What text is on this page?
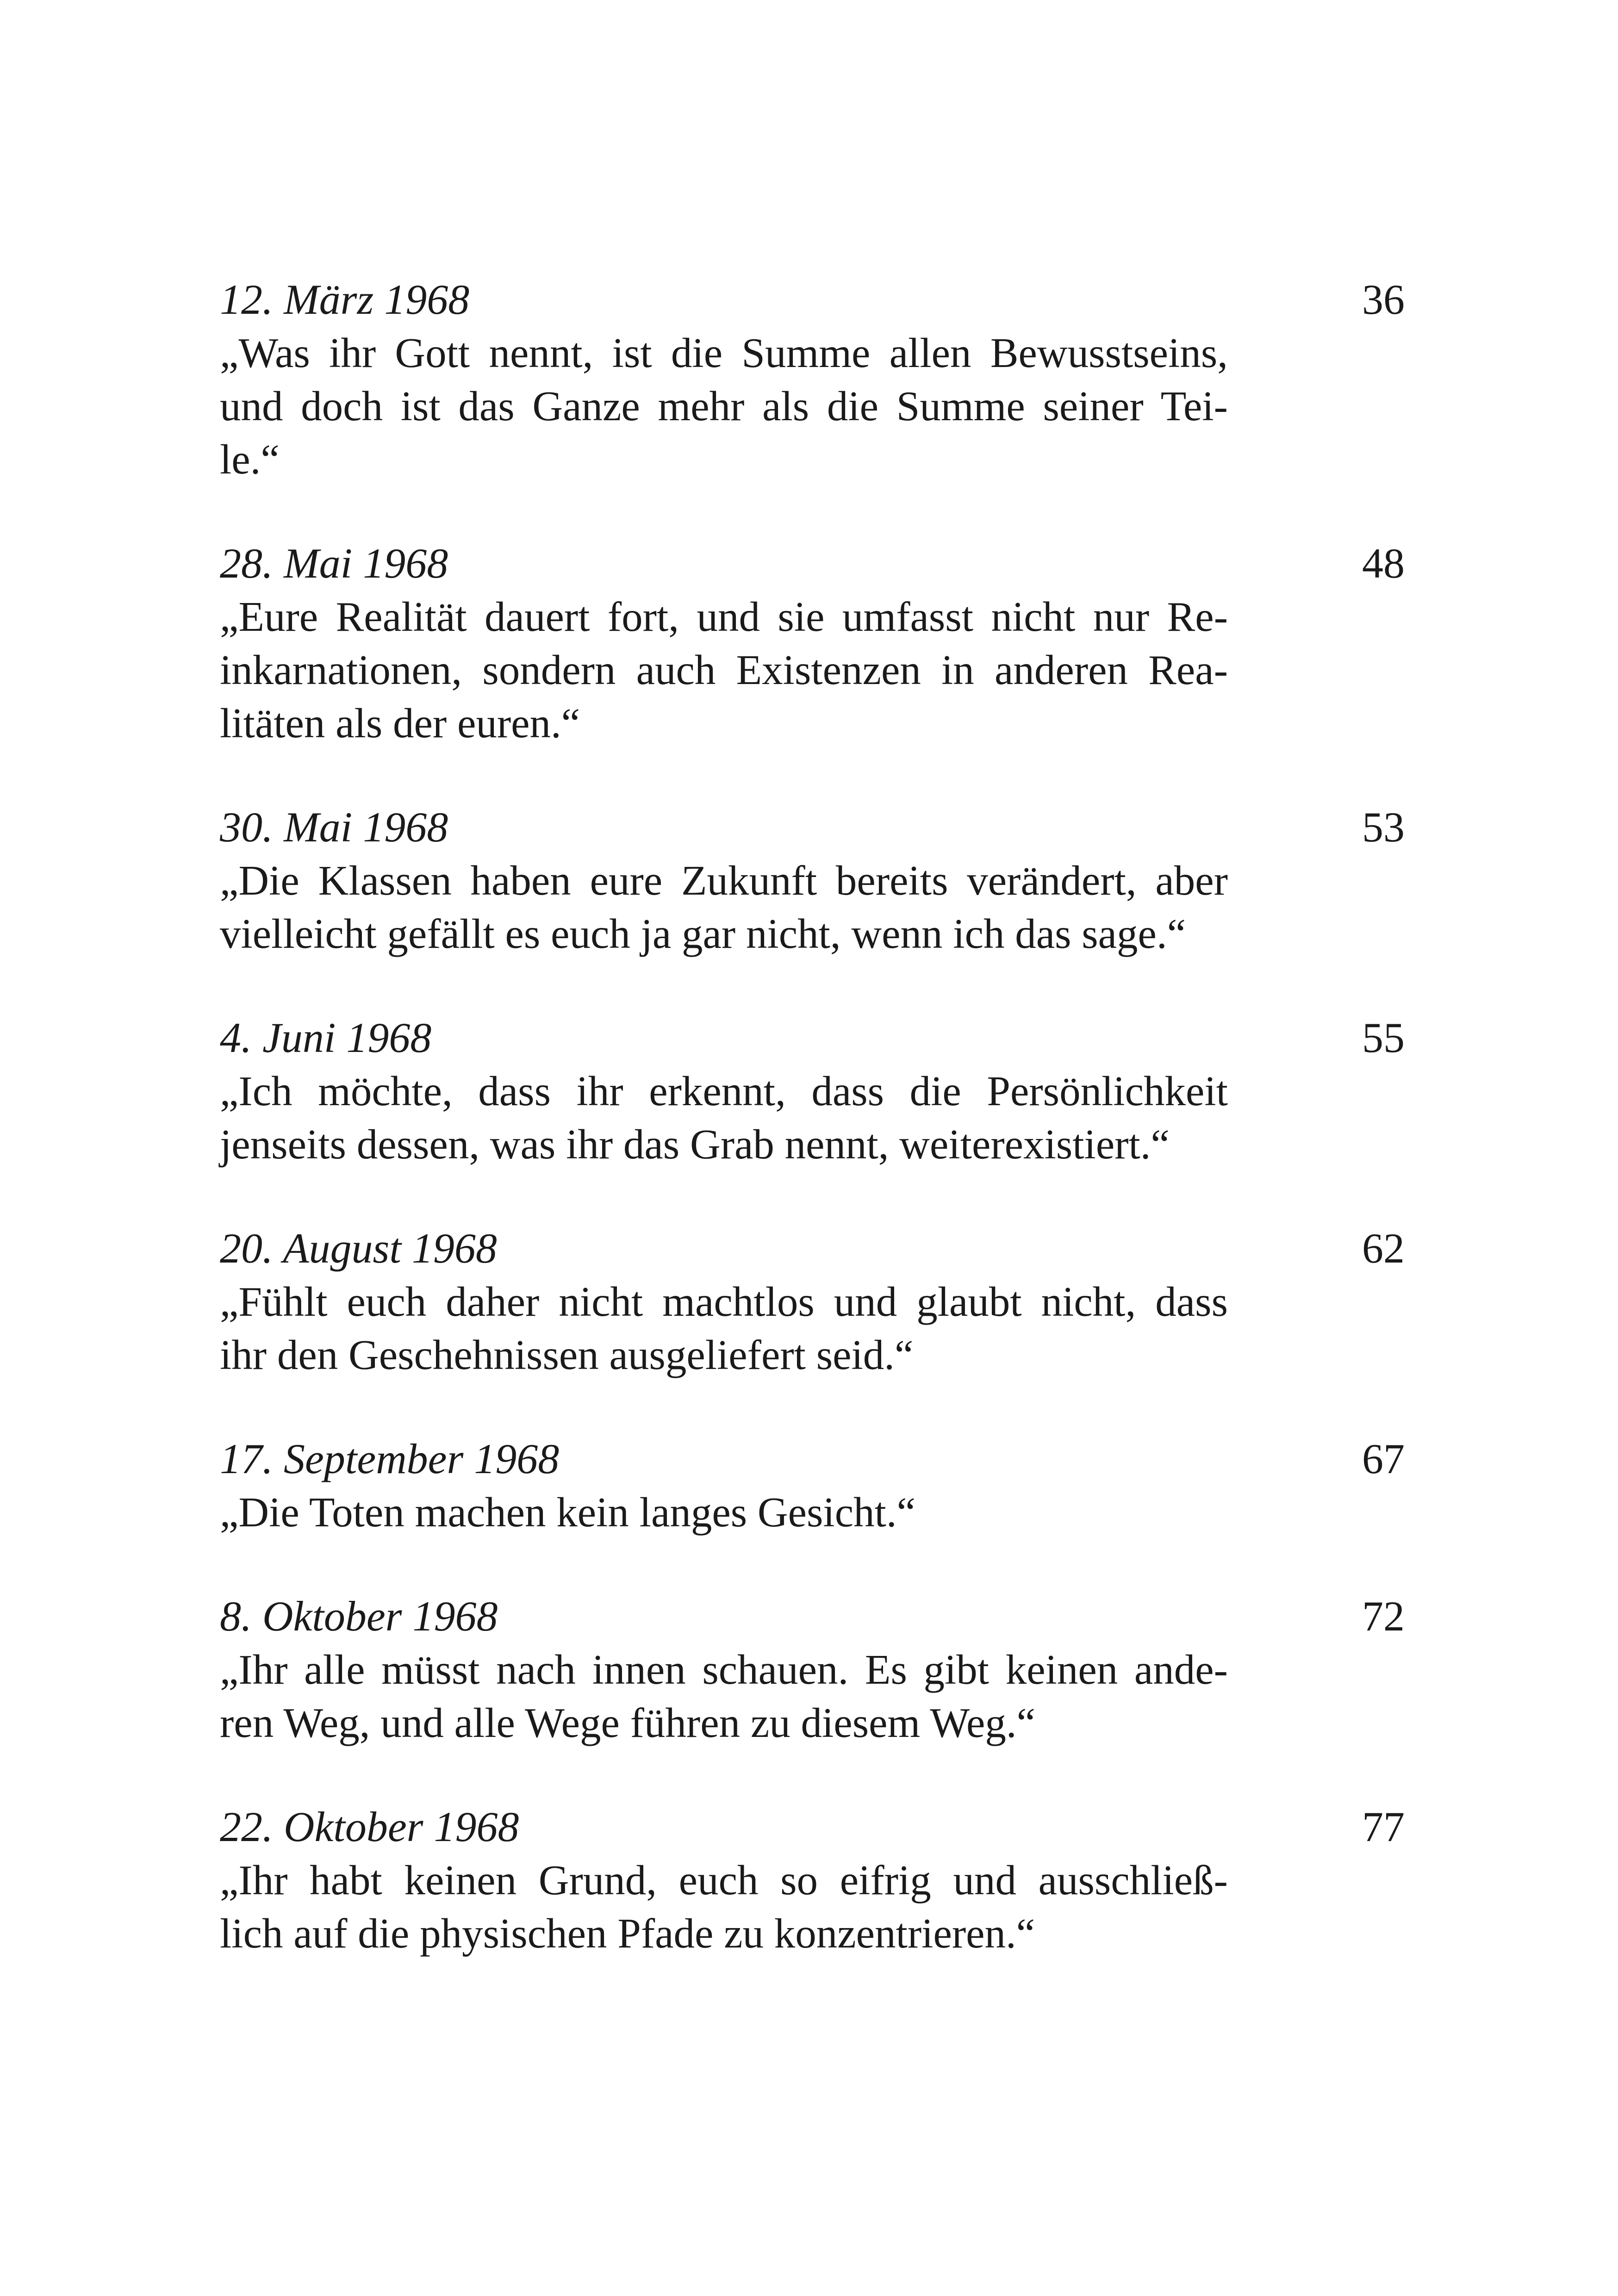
12. März 1968	36
„Was ihr Gott nennt, ist die Summe allen Bewusstseins,
und doch ist das Ganze mehr als die Summe seiner Tei-
le.“
28. Mai 1968	48
„Eure Realität dauert fort, und sie umfasst nicht nur Re-
inkarnationen, sondern auch Existenzen in anderen Rea-
litäten als der euren.“
30. Mai 1968	53
„Die Klassen haben eure Zukunft bereits verändert, aber
vielleicht gefällt es euch ja gar nicht, wenn ich das sage.“
4. Juni 1968	55
„Ich möchte, dass ihr erkennt, dass die Persönlichkeit
jenseits dessen, was ihr das Grab nennt, weiterexistiert.“
20. August 1968	62
„Fühlt euch daher nicht machtlos und glaubt nicht, dass
ihr den Geschehnissen ausgeliefert seid.“
17. September 1968	67
„Die Toten machen kein langes Gesicht.“
8. Oktober 1968	72
„Ihr alle müsst nach innen schauen. Es gibt keinen ande-
ren Weg, und alle Wege führen zu diesem Weg.“
22. Oktober 1968	77
„Ihr habt keinen Grund, euch so eifrig und ausschließ-
lich auf die physischen Pfade zu konzentrieren.“
